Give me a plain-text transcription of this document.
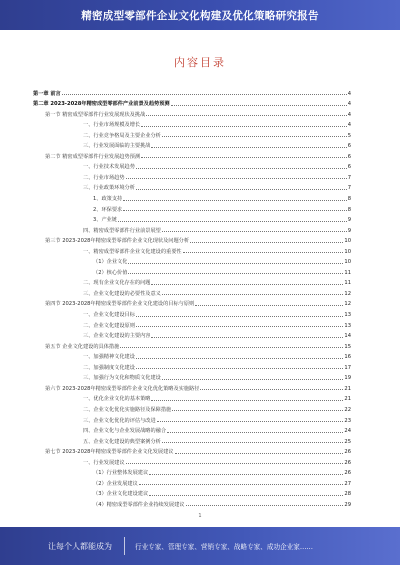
精密成型零部件企业文化构建及优化策略研究报告
内容目录
第一章 前言	4
第二章 2023-2028年精密成型零部件产业前景及趋势预测	4
第一节 精密成型零部件行业发展现状及挑战	4
一、行业市场规模及增长	4
二、行业竞争格局及主要企业分析	5
三、行业发展面临的主要挑战	6
第二节 精密成型零部件行业发展趋势预测	6
一、行业技术发展趋势	6
二、行业市场趋势	7
三、行业政策环境分析	7
1、政策支持	8
2、环保要求	8
3、产业链	9
四、精密成型零部件行业前景展望	9
第三节 2023-2028年精密成型零部件企业文化现状及问题分析	10
一、精密成型零部件企业文化建设的重要性	10
（1）企业文化	10
（2）核心价值	11
二、现有企业文化存在的问题	11
三、企业文化建设的必要性及意义	12
第四节 2023-2028年精密成型零部件企业文化建设的目标与原则	12
一、企业文化建设目标	13
二、企业文化建设原则	13
三、企业文化建设的主要内容	14
第五节 企业文化建设的具体措施	15
一、加强精神文化建设	16
二、加强制度文化建设	17
三、加强行为文化和物质文化建设	19
第六节 2023-2028年精密成型零部件企业文化优化策略及实施路径	21
一、优化企业文化的基本策略	21
二、企业文化优化实施路径及保障措施	22
三、企业文化优化的评估与改进	23
四、企业文化与企业发展战略的融合	24
五、企业文化建设的典型案例分析	25
第七节 2023-2028年精密成型零部件企业文化发展建议	26
一、行业发展建议	26
（1）行业整体发展建议	26
（2）企业发展建议	27
（3）企业文化建设建议	28
（4）精密成型零部件企业持续发展建议	29
1
让每个人都能成为	行业专家、管理专家、营销专家、战略专家、成功企业家……
